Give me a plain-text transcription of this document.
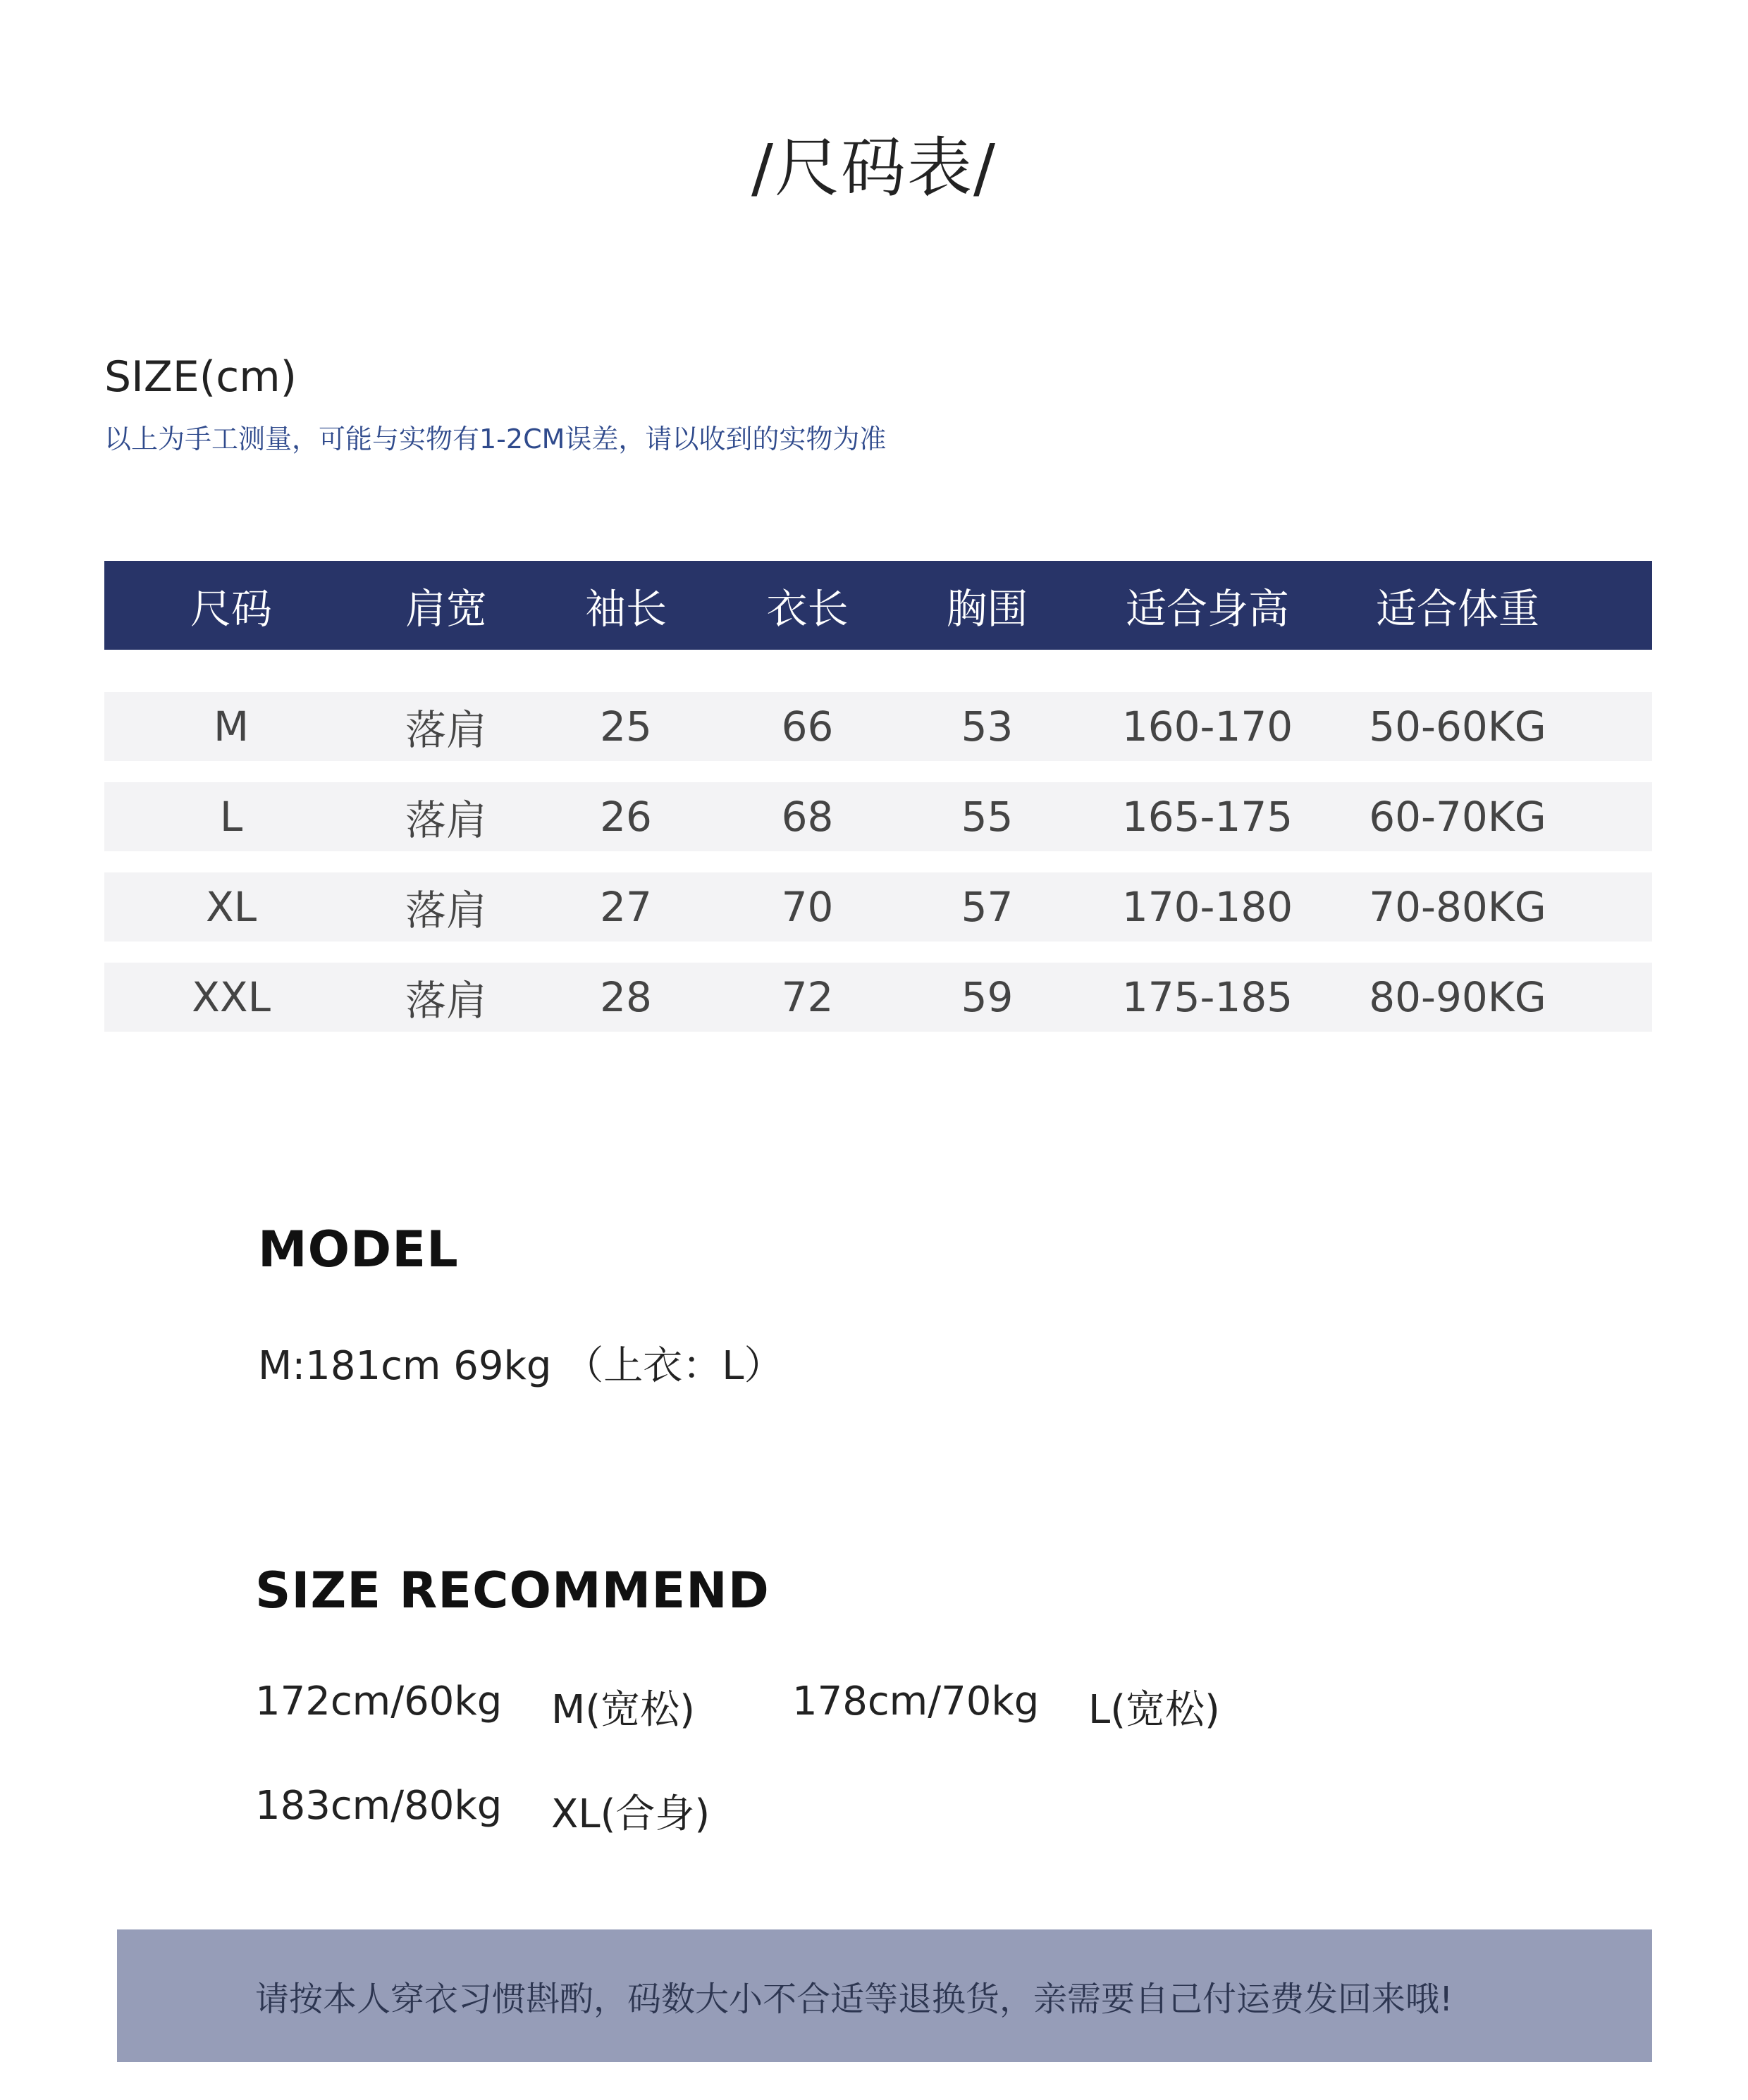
/尺码表/
SIZE(cm)
以上为手工测量，可能与实物有1-2CM误差，请以收到的实物为准
尺码	肩宽	袖长	衣长	胸围	适合身高	适合体重
M	落肩	25	66	53	160-170	50-60KG
L	落肩	26	68	55	165-175	60-70KG
XL	落肩	27	70	57	170-180	70-80KG
XXL	落肩	28	72	59	175-185	80-90KG
MODEL
M:181cm 69kg （上衣：L）
SIZE RECOMMEND
172cm/60kg M(宽松) 178cm/70kg L(宽松)
183cm/80kg XL(合身)
请按本人穿衣习惯斟酌，码数大小不合适等退换货，亲需要自己付运费发回来哦!
